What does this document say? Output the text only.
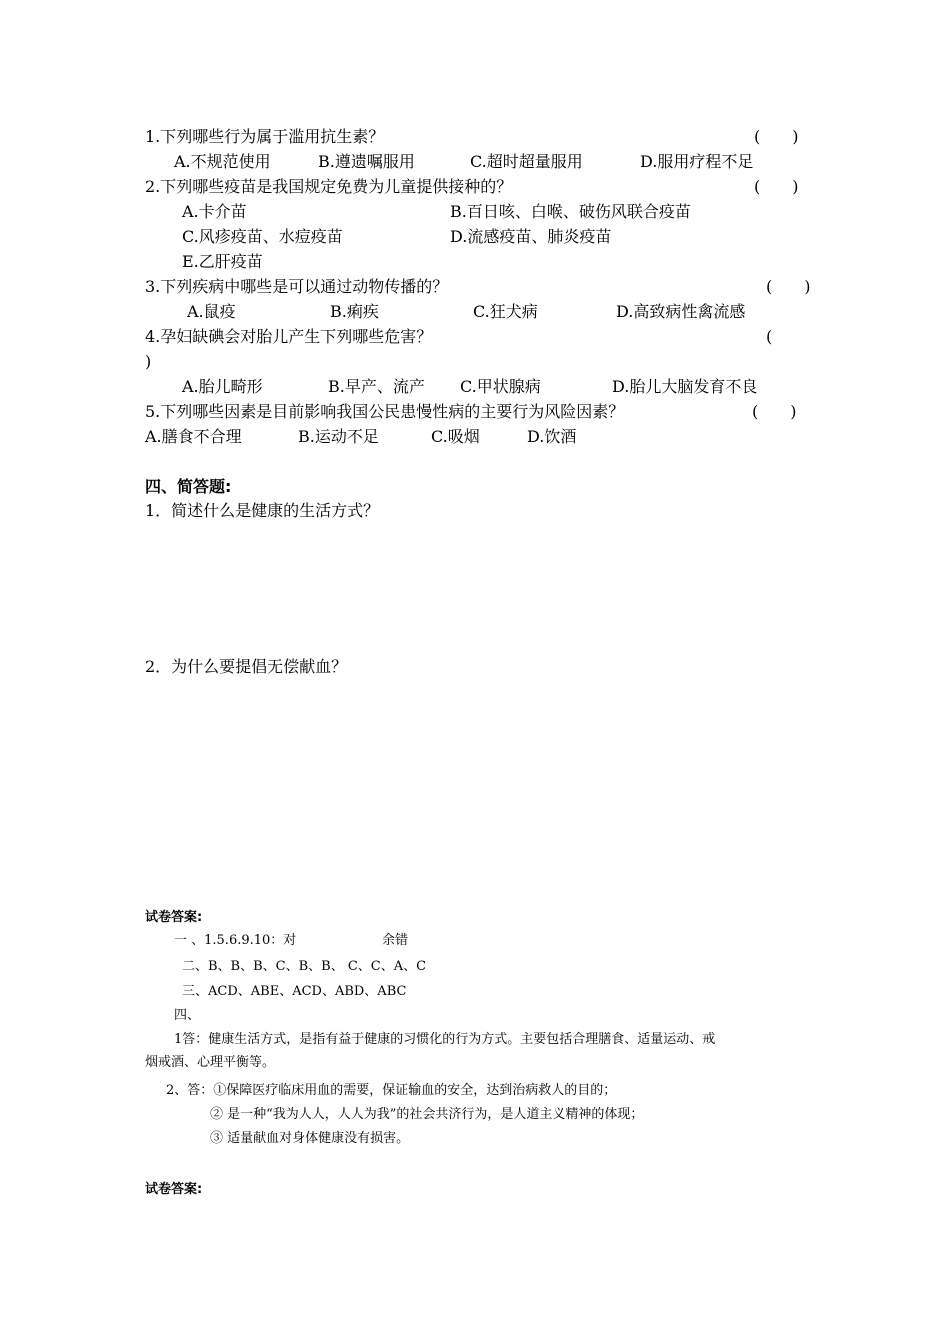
1.下列哪些行为属于滥用抗生素？	(　　)
A.不规范使用	B.遵遗嘱服用	C.超时超量服用	D.服用疗程不足
2.下列哪些疫苗是我国规定免费为儿童提供接种的？	(　　)
A.卡介苗	B.百日咳、白喉、破伤风联合疫苗
C.风疹疫苗、水痘疫苗	D.流感疫苗、肺炎疫苗
E.乙肝疫苗
3.下列疾病中哪些是可以通过动物传播的？	(　　)
A.鼠疫	B.痢疾	C.狂犬病	D.高致病性禽流感
4.孕妇缺碘会对胎儿产生下列哪些危害？	(
)
A.胎儿畸形	B.早产、流产 C.甲状腺病	D.胎儿大脑发育不良
5.下列哪些因素是目前影响我国公民患慢性病的主要行为风险因素？	(　　)
A.膳食不合理	B.运动不足	C.吸烟	D.饮酒
四、简答题:
1．简述什么是健康的生活方式？
2．为什么要提倡无偿献血？
试卷答案:
一 、1.5.6.9.10：对	余错
二、B、B、B、C、B、B、 C、C、A、C
三、ACD、ABE、ACD、ABD、ABC
四、
1答：健康生活方式，是指有益于健康的习惯化的行为方式。主要包括合理膳食、适量运动、戒
烟戒酒、心理平衡等。
2、答：①保障医疗临床用血的需要，保证输血的安全，达到治病救人的目的；
② 是一种“我为人人，人人为我”的社会共济行为，是人道主义精神的体现；
③ 适量献血对身体健康没有损害。
试卷答案:
